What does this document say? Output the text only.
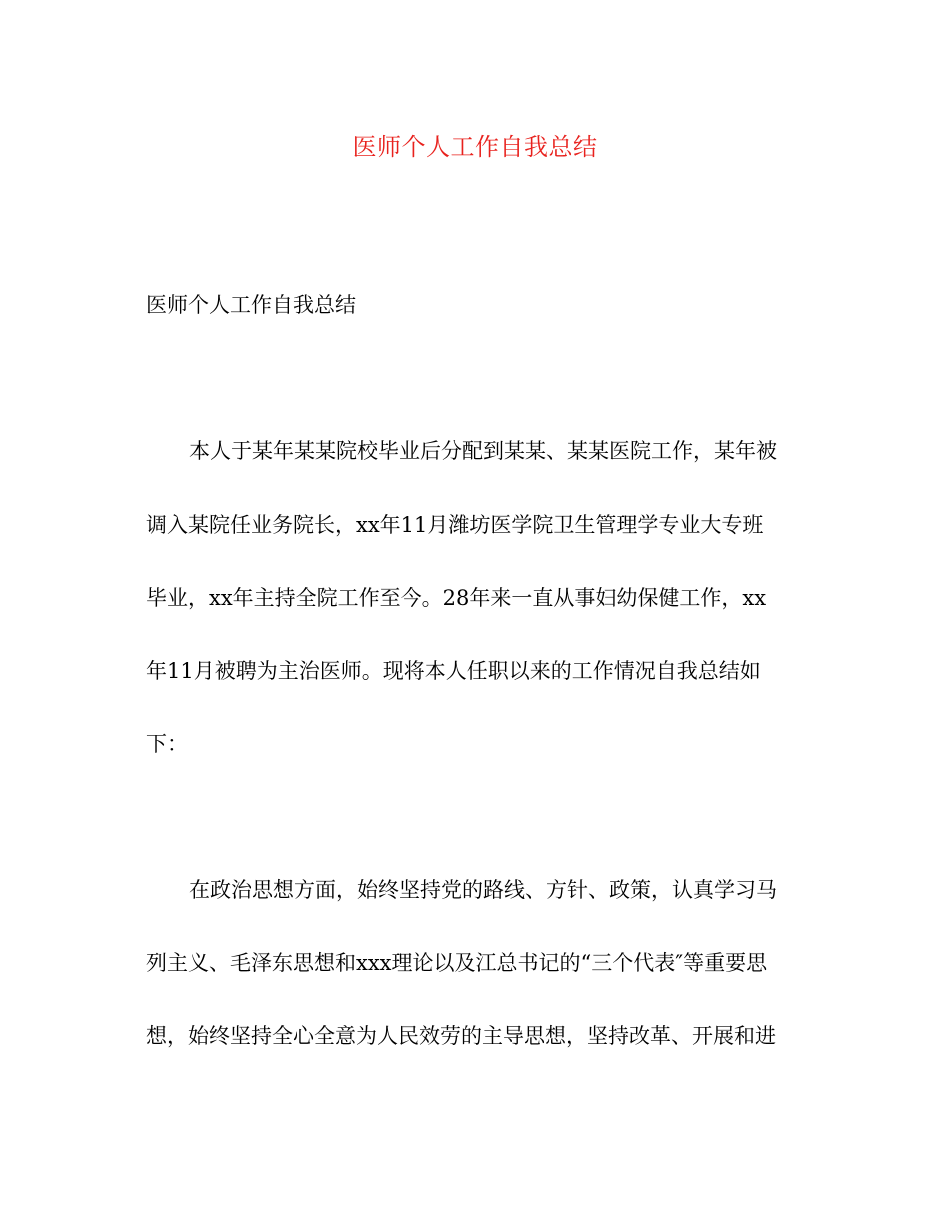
医师个人工作自我总结
医师个人工作自我总结
本人于某年某某院校毕业后分配到某某、某某医院工作，某年被
调入某院任业务院长，xx年11月潍坊医学院卫生管理学专业大专班
毕业，xx年主持全院工作至今。28年来一直从事妇幼保健工作，xx
年11月被聘为主治医师。现将本人任职以来的工作情况自我总结如
下：
在政治思想方面，始终坚持党的路线、方针、政策，认真学习马
列主义、毛泽东思想和xxx理论以及江总书记的“三个代表″等重要思
想，始终坚持全心全意为人民效劳的主导思想，坚持改革、开展和进
